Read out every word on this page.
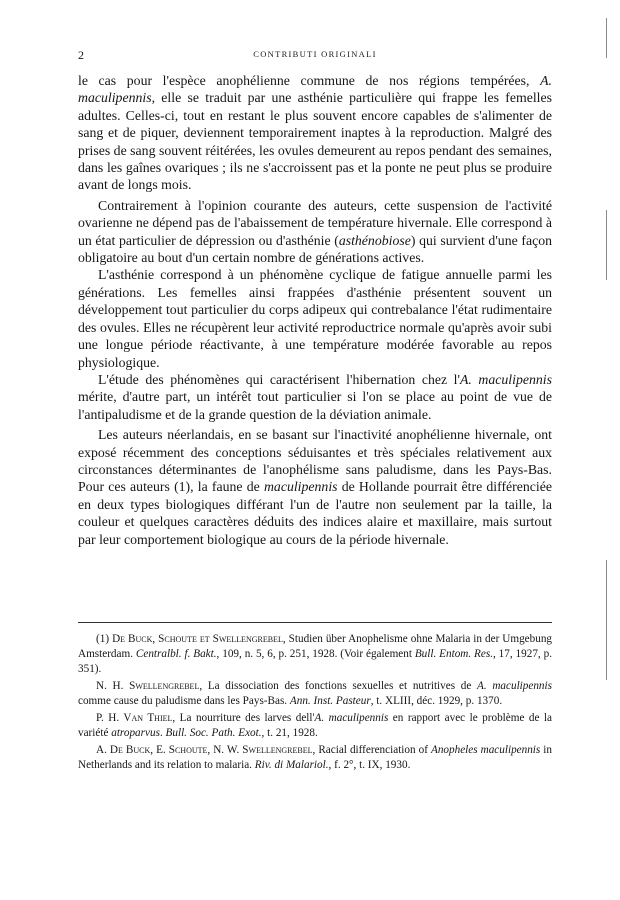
2	CONTRIBUTI ORIGINALI

le cas pour l'espèce anophélienne commune de nos régions tempérées, A. maculipennis, elle se traduit par une asthénie particulière qui frappe les femelles adultes. Celles-ci, tout en restant le plus souvent encore capables de s'alimenter de sang et de piquer, deviennent temporairement inaptes à la reproduction. Malgré des prises de sang souvent réitérées, les ovules demeurent au repos pendant des semaines, dans les gaînes ovariques ; ils ne s'accroissent pas et la ponte ne peut plus se produire avant de longs mois.

Contrairement à l'opinion courante des auteurs, cette suspension de l'activité ovarienne ne dépend pas de l'abaissement de température hivernale. Elle correspond à un état particulier de dépression ou d'asthénie (asthénobiose) qui survient d'une façon obligatoire au bout d'un certain nombre de générations actives.

L'asthénie correspond à un phénomène cyclique de fatigue annuelle parmi les générations. Les femelles ainsi frappées d'asthénie présentent souvent un développement tout particulier du corps adipeux qui contrebalance l'état rudimentaire des ovules. Elles ne récupèrent leur activité reproductrice normale qu'après avoir subi une longue période réactivante, à une température modérée favorable au repos physiologique.

L'étude des phénomènes qui caractérisent l'hibernation chez l'A. maculipennis mérite, d'autre part, un intérêt tout particulier si l'on se place au point de vue de l'antipaludisme et de la grande question de la déviation animale.

Les auteurs néerlandais, en se basant sur l'inactivité anophélienne hivernale, ont exposé récemment des conceptions séduisantes et très spéciales relativement aux circonstances déterminantes de l'anophélisme sans paludisme, dans les Pays-Bas. Pour ces auteurs (1), la faune de maculipennis de Hollande pourrait être différenciée en deux types biologiques différant l'un de l'autre non seulement par la taille, la couleur et quelques caractères déduits des indices alaire et maxillaire, mais surtout par leur comportement biologique au cours de la période hivernale.

(1) De Buck, Schoute et Swellengrebel, Studien über Anophelisme ohne Malaria in der Umgebung Amsterdam. Centralbl. f. Bakt., 109, n. 5, 6, p. 251, 1928. (Voir également Bull. Entom. Res., 17, 1927, p. 351).

N. H. Swellengrebel, La dissociation des fonctions sexuelles et nutritives de A. maculipennis comme cause du paludisme dans les Pays-Bas. Ann. Inst. Pasteur, t. XLIII, déc. 1929, p. 1370.

P. H. Van Thiel, La nourriture des larves dell'A. maculipennis en rapport avec le problème de la variété atroparvus. Bull. Soc. Path. Exot., t. 21, 1928.

A. De Buck, E. Schoute, N. W. Swellengrebel, Racial differenciation of Anopheles maculipennis in Netherlands and its relation to malaria. Riv. di Malariol., f. 2°, t. IX, 1930.
